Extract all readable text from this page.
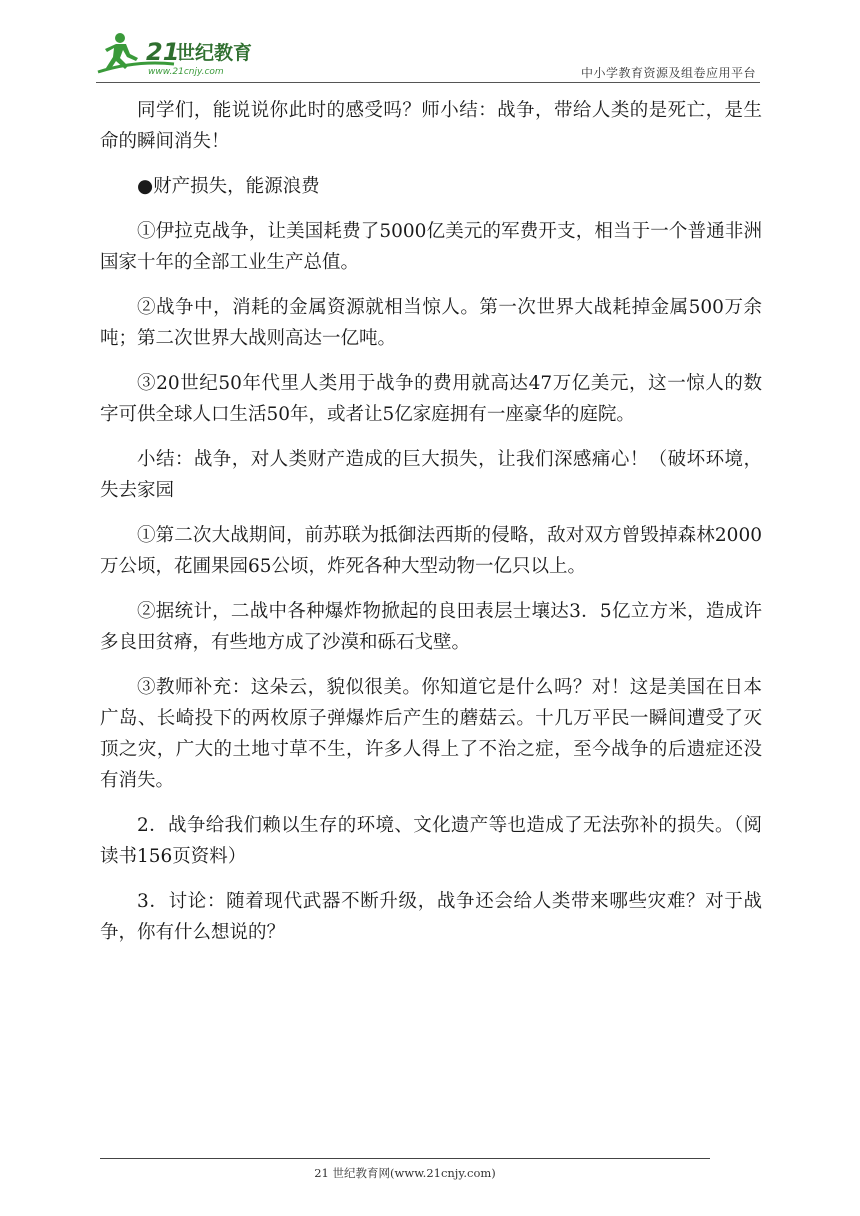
21
世纪教育
www.21cnjy.com	中小学教育资源及组卷应用平台

同学们，能说说你此时的感受吗？师小结：战争，带给人类的是死亡，是生命的瞬间消失！

●财产损失，能源浪费

①伊拉克战争，让美国耗费了5000亿美元的军费开支，相当于一个普通非洲国家十年的全部工业生产总值。

②战争中，消耗的金属资源就相当惊人。第一次世界大战耗掉金属500万余吨；第二次世界大战则高达一亿吨。

③20世纪50年代里人类用于战争的费用就高达47万亿美元，这一惊人的数字可供全球人口生活50年，或者让5亿家庭拥有一座豪华的庭院。

小结：战争，对人类财产造成的巨大损失，让我们深感痛心！（破坏环境，失去家园

①第二次大战期间，前苏联为抵御法西斯的侵略，敌对双方曾毁掉森林2000万公顷，花圃果园65公顷，炸死各种大型动物一亿只以上。

②据统计，二战中各种爆炸物掀起的良田表层士壤达3．5亿立方米，造成许多良田贫瘠，有些地方成了沙漠和砾石戈壁。

③教师补充：这朵云，貌似很美。你知道它是什么吗？对！这是美国在日本广岛、长崎投下的两枚原子弹爆炸后产生的蘑菇云。十几万平民一瞬间遭受了灭顶之灾，广大的土地寸草不生，许多人得上了不治之症，至今战争的后遗症还没有消失。

2．战争给我们赖以生存的环境、文化遗产等也造成了无法弥补的损失。（阅读书156页资料）

3．讨论：随着现代武器不断升级，战争还会给人类带来哪些灾难？对于战争，你有什么想说的？

21 世纪教育网(www.21cnjy.com)
